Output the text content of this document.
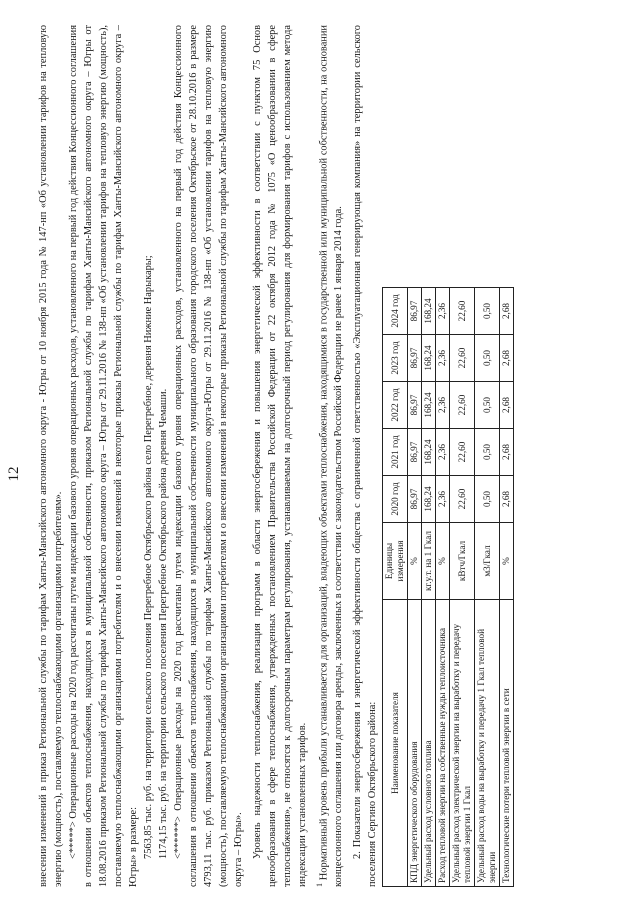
12 внесении изменений в приказ Региональной службы по тарифам Ханты-Мансийского автономного округа - Югры от 10 ноября 2015 года № 147-нп «Об установлении тарифов на тепловую энергию (мощность), поставляемую теплоснабжающими организациями потребителям». <*****> Операционные расходы на 2020 год рассчитаны путем индексации базового уровня операционных расходов, установленного на первый год действия Концессионного соглашения в отношении объектов теплоснабжения, находящихся в муниципальной собственности, приказом Региональной службы по тарифам Ханты-Мансийского автономного округа – Югры от 18.08.2016 приказом Региональной службы по тарифам Ханты-Мансийского автономного округа – Югры от 29.11.2016 № 138-нп «Об установлении тарифов на тепловую энергию (мощность), поставляемую теплоснабжающими организациями потребителям и о внесении изменений в некоторые приказы Региональной службы по тарифам Ханты-Мансийского автономного округа – Югры» в размере: 7563,85 тыс. руб. на территории сельского поселения Перегребное Октябрьского района село Перегребное, деревня Нижние Нарыкары; 1174,15 тыс. руб. на территории сельского поселения Перегребное Октябрьского района деревня Чемаши. <******> Операционные расходы на 2020 год рассчитаны путем индексации базового уровня операционных расходов, установленного на первый год действия Концессионного соглашения в отношении объектов теплоснабжения, находящихся в муниципальной собственности муниципального образования городского поселения Октябрьское от 28.10.2016 в размере 4793,11 тыс. руб. приказом Региональной службы по тарифам Ханты-Мансийского автономного округа-Югры от 29.11.2016 № 138-нп «Об установлении тарифов на тепловую энергию (мощность), поставляемую теплоснабжающими организациями потребителям и о внесении изменений в некоторые приказы Региональной службы по тарифам Ханты-Мансийского автономного округа – Югры». Уровень надежности теплоснабжения, реализация программ в области энергосбережения и повышения энергетической эффективности в соответствии с пунктом 75 Основ ценообразования в сфере теплоснабжения, утвержденных постановлением Правительства Российской Федерации от 22 октября 2012 года № 1075 «О ценообразовании в сфере теплоснабжения», не относятся к долгосрочным параметрам регулирования, устанавливаемым на долгосрочный период регулирования для формирования тарифов с использованием метода индексации установленных тарифов. $^1$ Нормативный уровень прибыли устанавливается для организаций, владеющих объектами теплоснабжения, находящимися в государственной или муниципальной собственности, на основании концессионного соглашения или договора аренды, заключенных в соответствии с законодательством Российской Федерации не ранее 1 января 2014 года. 2. Показатели энергосбережения и энергетической эффективности общества с ограниченной ответственностью «Эксплуатационная генерирующая компания» на территории сельского поселения Сергино Октябрьского района: Наименование показателя	Единицы измерения	2020 год	2021 год	2022 год	2023 год	2024 год
КПД энергетического оборудования	%	86,97	86,97	86,97	86,97	86,97
Удельный расход условного топлива	кг.у.т. на 1 Гкал	168,24	168,24	168,24	168,24	168,24
Расход тепловой энергии на собственные нужды теплоисточника	%	2,36	2,36	2,36	2,36	2,36
Удельный расход электрической энергии на выработку и передачу тепловой энергии 1 Гкал	кВтч/Гкал	22,60	22,60	22,60	22,60	22,60
Удельный расход воды на выработку и передачу 1 Гкал тепловой энергии	м3/Гкал	0,50	0,50	0,50	0,50	0,50
Технологические потери тепловой энергии в сети	%	2,68	2,68	2,68	2,68	2,68
